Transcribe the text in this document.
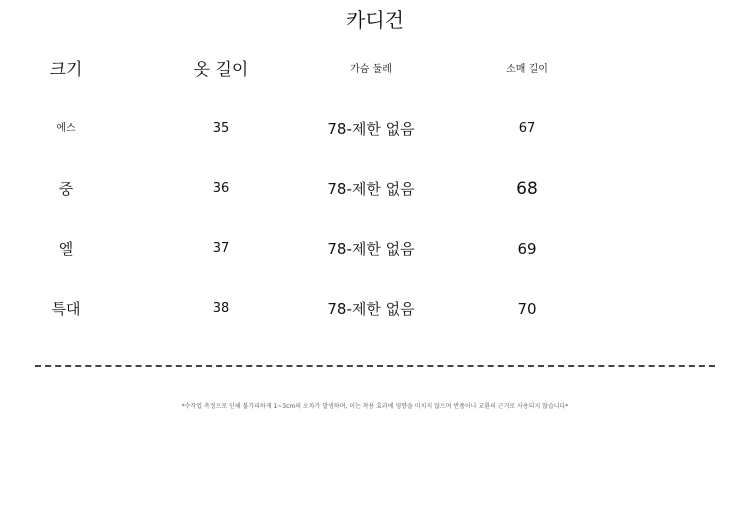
카디건
크기	옷 길이	가슴 둘레	소매 길이
에스	35	78-제한 없음	67
중	36	78-제한 없음	68
엘	37	78-제한 없음	69
특대	38	78-제한 없음	70
*수작업 측정으로 인해 불가피하게 1~3cm의 오차가 발생하며, 이는 착용 효과에 영향을 미치지 않으며 반품이나 교환의 근거로 사용되지 않습니다*
